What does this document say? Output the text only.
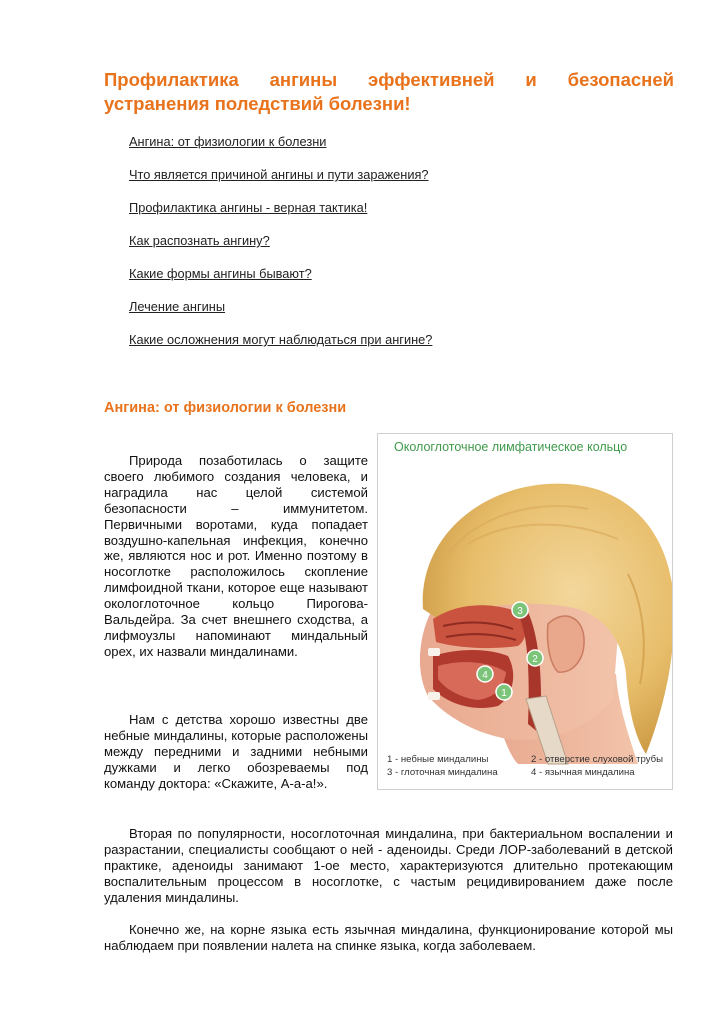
Профилактика ангины эффективней и безопасней устранения поледствий болезни!
Ангина: от физиологии к болезни
Что является причиной ангины и пути заражения?
Профилактика ангины - верная тактика!
Как распознать ангину?
Какие формы ангины бывают?
Лечение ангины
Какие осложнения могут наблюдаться при ангине?
Ангина: от физиологии к болезни

Природа позаботилась о защите своего любимого создания человека, и наградила нас целой системой безопасности – иммунитетом. Первичными воротами, куда попадает воздушно-капельная инфекция, конечно же, являются нос и рот. Именно поэтому в носоглотке расположилось скопление лимфоидной ткани, которое еще называют окологлоточное кольцо Пирогова-Вальдейра. За счет внешнего сходства, а лифмоузлы напоминают миндальный орех, их назвали миндалинами.

Нам с детства хорошо известны две небные миндалины, которые расположены между передними и задними небными дужками и легко обозреваемы под команду доктора: «Скажите, А-а-а!».

Вторая по популярности, носоглоточная миндалина, при бактериальном воспалении и разрастании, специалисты сообщают о ней - аденоиды. Среди ЛОР-заболеваний в детской практике, аденоиды занимают 1-ое место, характеризуются длительно протекающим воспалительным процессом в носоглотке, с частым рецидивированием даже после удаления миндалины.

Конечно же, на корне языка есть язычная миндалина, функционирование которой мы наблюдаем при появлении налета на спинке языка, когда заболеваем.

3
2
4
1
Окологлоточное лимфатическое кольцо
1 - небные миндалины	2 - отверстие слуховой трубы
3 - глоточная миндалина	4 - язычная миндалина
